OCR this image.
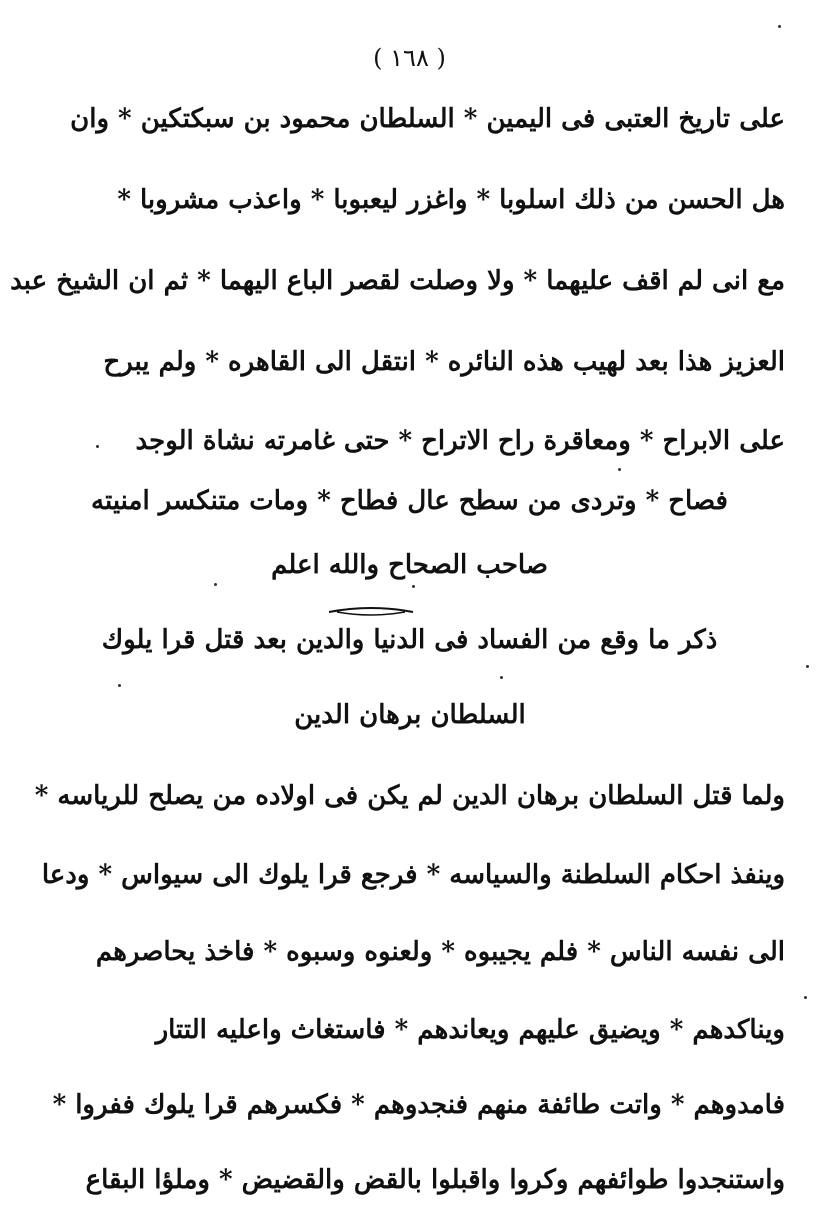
( ١٦٨ )
على تاريخ العتبى فى اليمين * السلطان محمود بن سبكتكين * وان
هل الحسن من ذلك اسلوبا * واغزر ليعبوبا * واعذب مشروبا *
مع انى لم اقف عليهما * ولا وصلت لقصر الباع اليهما * ثم ان الشيخ عبد
العزيز هذا بعد لهيب هذه النائره * انتقل الى القاهره * ولم يبرح
على الابراح * ومعاقرة راح الاتراح * حتى غامرته نشاة الوجد
فصاح * وتردى من سطح عال فطاح * ومات متنكسر امنيته
صاحب الصحاح والله اعلم
ذكر ما وقع من الفساد فى الدنيا والدين بعد قتل قرا يلوك
السلطان برهان الدين
ولما قتل السلطان برهان الدين لم يكن فى اولاده من يصلح للرياسه *
وينفذ احكام السلطنة والسياسه * فرجع قرا يلوك الى سيواس * ودعا
الى نفسه الناس * فلم يجيبوه * ولعنوه وسبوه * فاخذ يحاصرهم
ويناكدهم * ويضيق عليهم ويعاندهم * فاستغاث واعليه التتار
فامدوهم * واتت طائفة منهم فنجدوهم * فكسرهم قرا يلوك ففروا *
واستنجدوا طوائفهم وكروا واقبلوا بالقض والقضيض * وملؤا البقاع
